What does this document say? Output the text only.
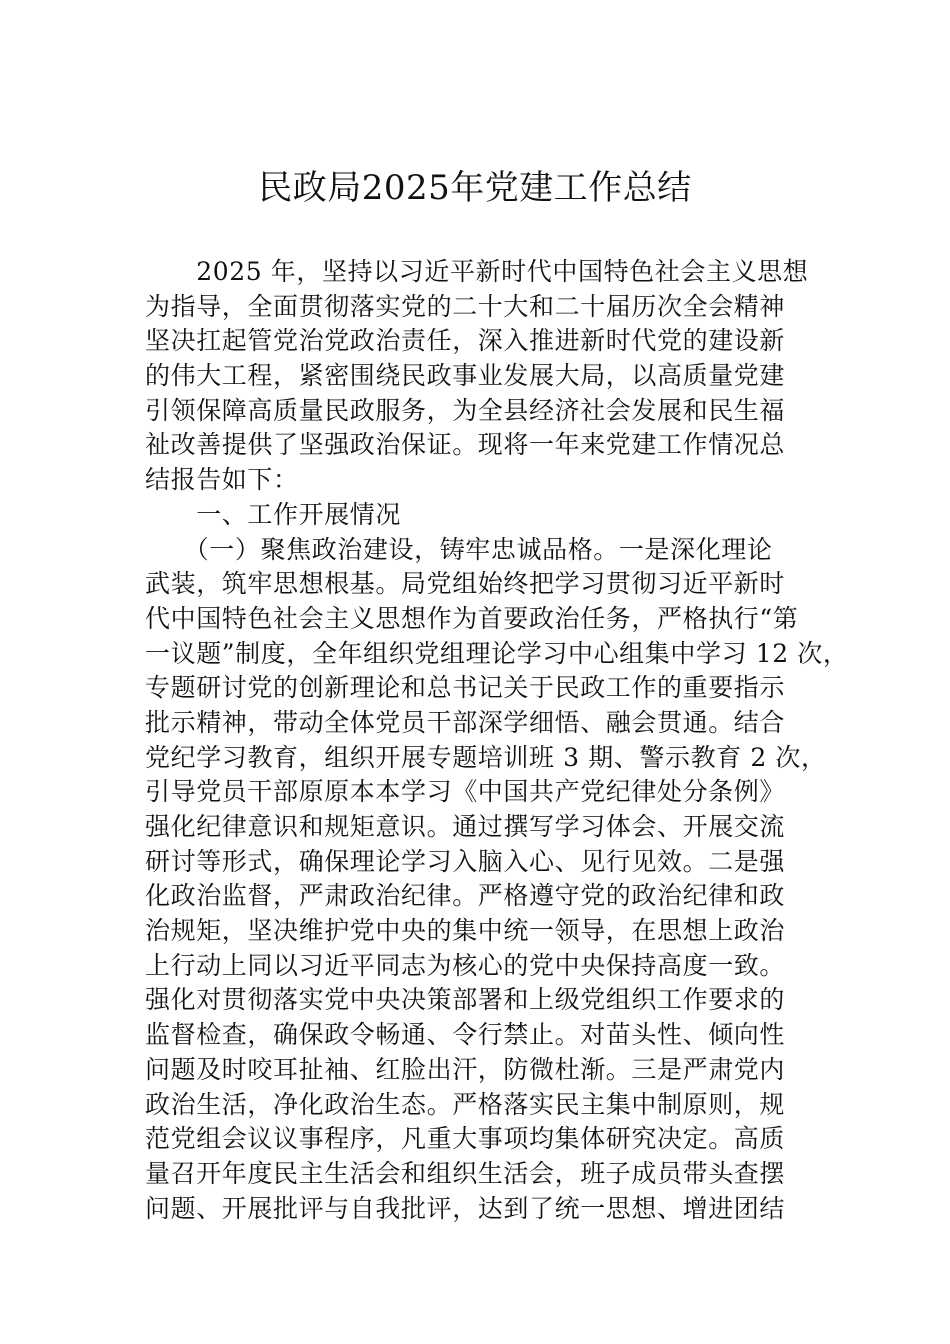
民政局2025年党建工作总结
　　2025 年，坚持以习近平新时代中国特色社会主义思想
为指导，全面贯彻落实党的二十大和二十届历次全会精神
坚决扛起管党治党政治责任，深入推进新时代党的建设新
的伟大工程，紧密围绕民政事业发展大局，以高质量党建
引领保障高质量民政服务，为全县经济社会发展和民生福
祉改善提供了坚强政治保证。现将一年来党建工作情况总
结报告如下：
　　一、工作开展情况
　　（一）聚焦政治建设，铸牢忠诚品格。一是深化理论
武装，筑牢思想根基。局党组始终把学习贯彻习近平新时
代中国特色社会主义思想作为首要政治任务，严格执行“第
一议题”制度，全年组织党组理论学习中心组集中学习 12 次，
专题研讨党的创新理论和总书记关于民政工作的重要指示
批示精神，带动全体党员干部深学细悟、融会贯通。结合
党纪学习教育，组织开展专题培训班 3 期、警示教育 2 次，
引导党员干部原原本本学习《中国共产党纪律处分条例》
强化纪律意识和规矩意识。通过撰写学习体会、开展交流
研讨等形式，确保理论学习入脑入心、见行见效。二是强
化政治监督，严肃政治纪律。严格遵守党的政治纪律和政
治规矩，坚决维护党中央的集中统一领导，在思想上政治
上行动上同以习近平同志为核心的党中央保持高度一致。
强化对贯彻落实党中央决策部署和上级党组织工作要求的
监督检查，确保政令畅通、令行禁止。对苗头性、倾向性
问题及时咬耳扯袖、红脸出汗，防微杜渐。三是严肃党内
政治生活，净化政治生态。严格落实民主集中制原则，规
范党组会议议事程序，凡重大事项均集体研究决定。高质
量召开年度民主生活会和组织生活会，班子成员带头查摆
问题、开展批评与自我批评，达到了统一思想、增进团结
